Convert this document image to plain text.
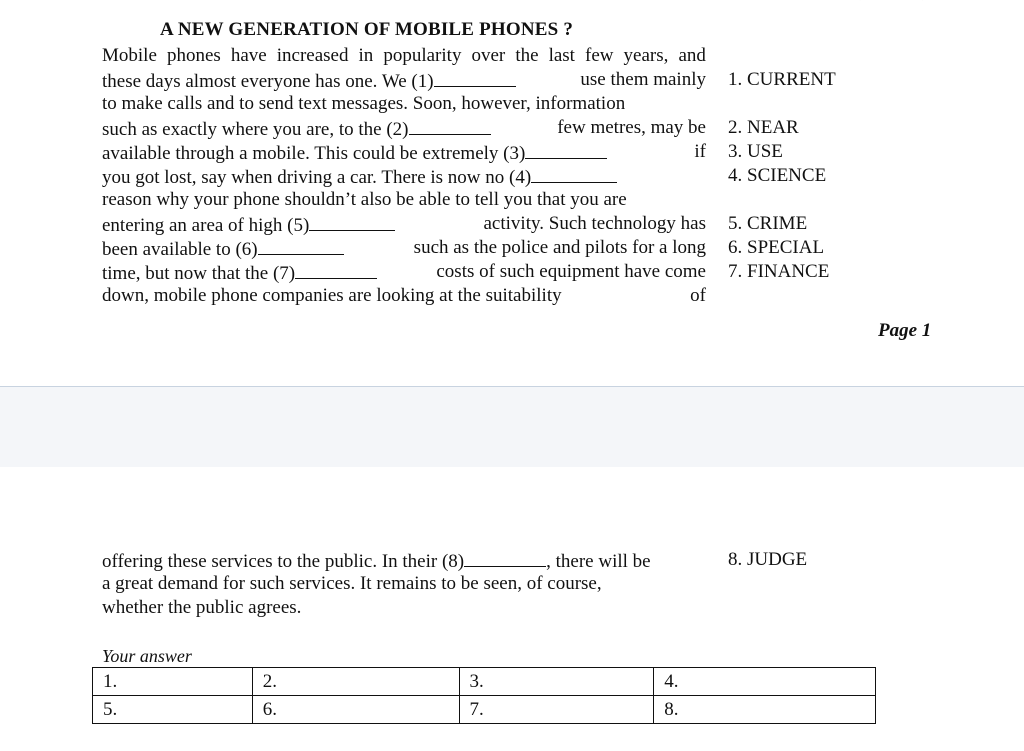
A NEW GENERATION OF MOBILE PHONES ?
Mobile phones have increased in popularity over the last few years, and
these days almost everyone has one. We (1)	use them mainly 1. CURRENT
to make calls and to send text messages. Soon, however, information
such as exactly where you are, to the (2)	few metres, may be 2. NEAR
available through a mobile. This could be extremely (3)	if 3. USE
you got lost, say when driving a car. There is now no (4)	4. SCIENCE
reason why your phone shouldn’t also be able to tell you that you are
entering an area of high (5)	activity. Such technology has 5. CRIME
been available to (6)	such as the police and pilots for a long 6. SPECIAL
time, but now that the (7)	costs of such equipment have come 7. FINANCE
down, mobile phone companies are looking at the suitability	of
Page 1
offering these services to the public. In their (8)	, there will be	8. JUDGE
a great demand for such services. It remains to be seen, of course,
whether the public agrees.
Your answer
1.	2.	3.	4.
5.	6.	7.	8.
